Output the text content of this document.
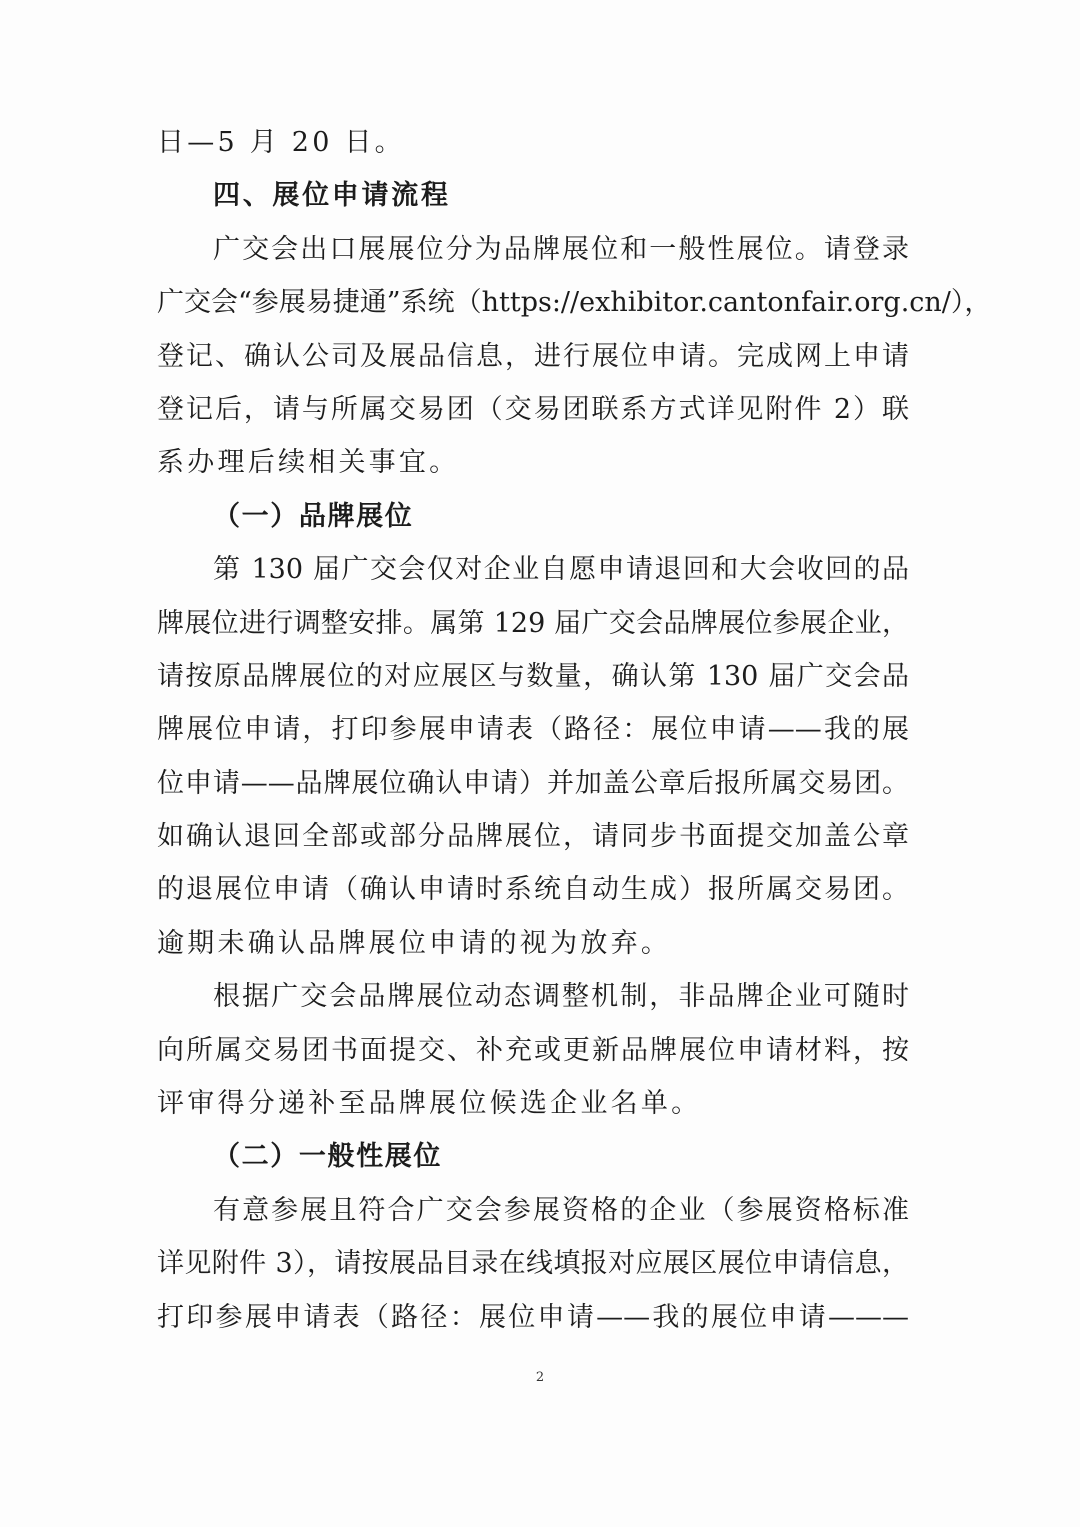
日—5 月 20 日。
四、展位申请流程
广交会出口展展位分为品牌展位和一般性展位。请登录
广交会“参展易捷通”系统（https://exhibitor.cantonfair.org.cn/），
登记、确认公司及展品信息，进行展位申请。完成网上申请
登记后，请与所属交易团（交易团联系方式详见附件 2）联
系办理后续相关事宜。
（一）品牌展位
第 130 届广交会仅对企业自愿申请退回和大会收回的品
牌展位进行调整安排。属第 129 届广交会品牌展位参展企业，
请按原品牌展位的对应展区与数量，确认第 130 届广交会品
牌展位申请，打印参展申请表（路径：展位申请——我的展
位申请——品牌展位确认申请）并加盖公章后报所属交易团。
如确认退回全部或部分品牌展位，请同步书面提交加盖公章
的退展位申请（确认申请时系统自动生成）报所属交易团。
逾期未确认品牌展位申请的视为放弃。
根据广交会品牌展位动态调整机制，非品牌企业可随时
向所属交易团书面提交、补充或更新品牌展位申请材料，按
评审得分递补至品牌展位候选企业名单。
（二）一般性展位
有意参展且符合广交会参展资格的企业（参展资格标准
详见附件 3），请按展品目录在线填报对应展区展位申请信息，
打印参展申请表（路径：展位申请——我的展位申请———
2
